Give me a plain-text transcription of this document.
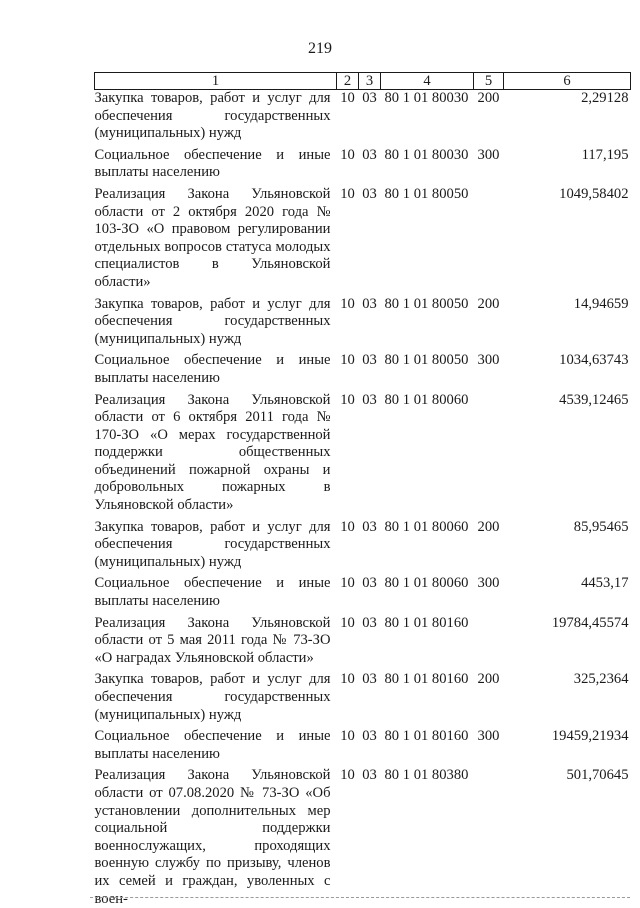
219
1	2	3	4	5	6
Закупка товаров, работ и услуг для обеспечения государственных (муниципальных) нужд	10	03	80 1 01 80030	200	2,29128
Социальное обеспечение и иные выплаты населению	10	03	80 1 01 80030	300	117,195
Реализация Закона Ульяновской области от 2 октября 2020 года № 103-ЗО «О правовом регулировании отдельных вопросов статуса молодых специалистов в Ульяновской области»	10	03	80 1 01 80050		1049,58402
Закупка товаров, работ и услуг для обеспечения государственных (муниципальных) нужд	10	03	80 1 01 80050	200	14,94659
Социальное обеспечение и иные выплаты населению	10	03	80 1 01 80050	300	1034,63743
Реализация Закона Ульяновской области от 6 октября 2011 года № 170-ЗО «О мерах государственной поддержки общественных объединений пожарной охраны и добровольных пожарных в Ульяновской области»	10	03	80 1 01 80060		4539,12465
Закупка товаров, работ и услуг для обеспечения государственных (муниципальных) нужд	10	03	80 1 01 80060	200	85,95465
Социальное обеспечение и иные выплаты населению	10	03	80 1 01 80060	300	4453,17
Реализация Закона Ульяновской области от 5 мая 2011 года № 73-ЗО «О наградах Ульяновской области»	10	03	80 1 01 80160		19784,45574
Закупка товаров, работ и услуг для обеспечения государственных (муниципальных) нужд	10	03	80 1 01 80160	200	325,2364
Социальное обеспечение и иные выплаты населению	10	03	80 1 01 80160	300	19459,21934
Реализация Закона Ульяновской области от 07.08.2020 № 73-ЗО «Об установлении дополнительных мер социальной поддержки военнослужащих, проходящих военную службу по призыву, членов их семей и граждан, уволенных с воен-	10	03	80 1 01 80380		501,70645
